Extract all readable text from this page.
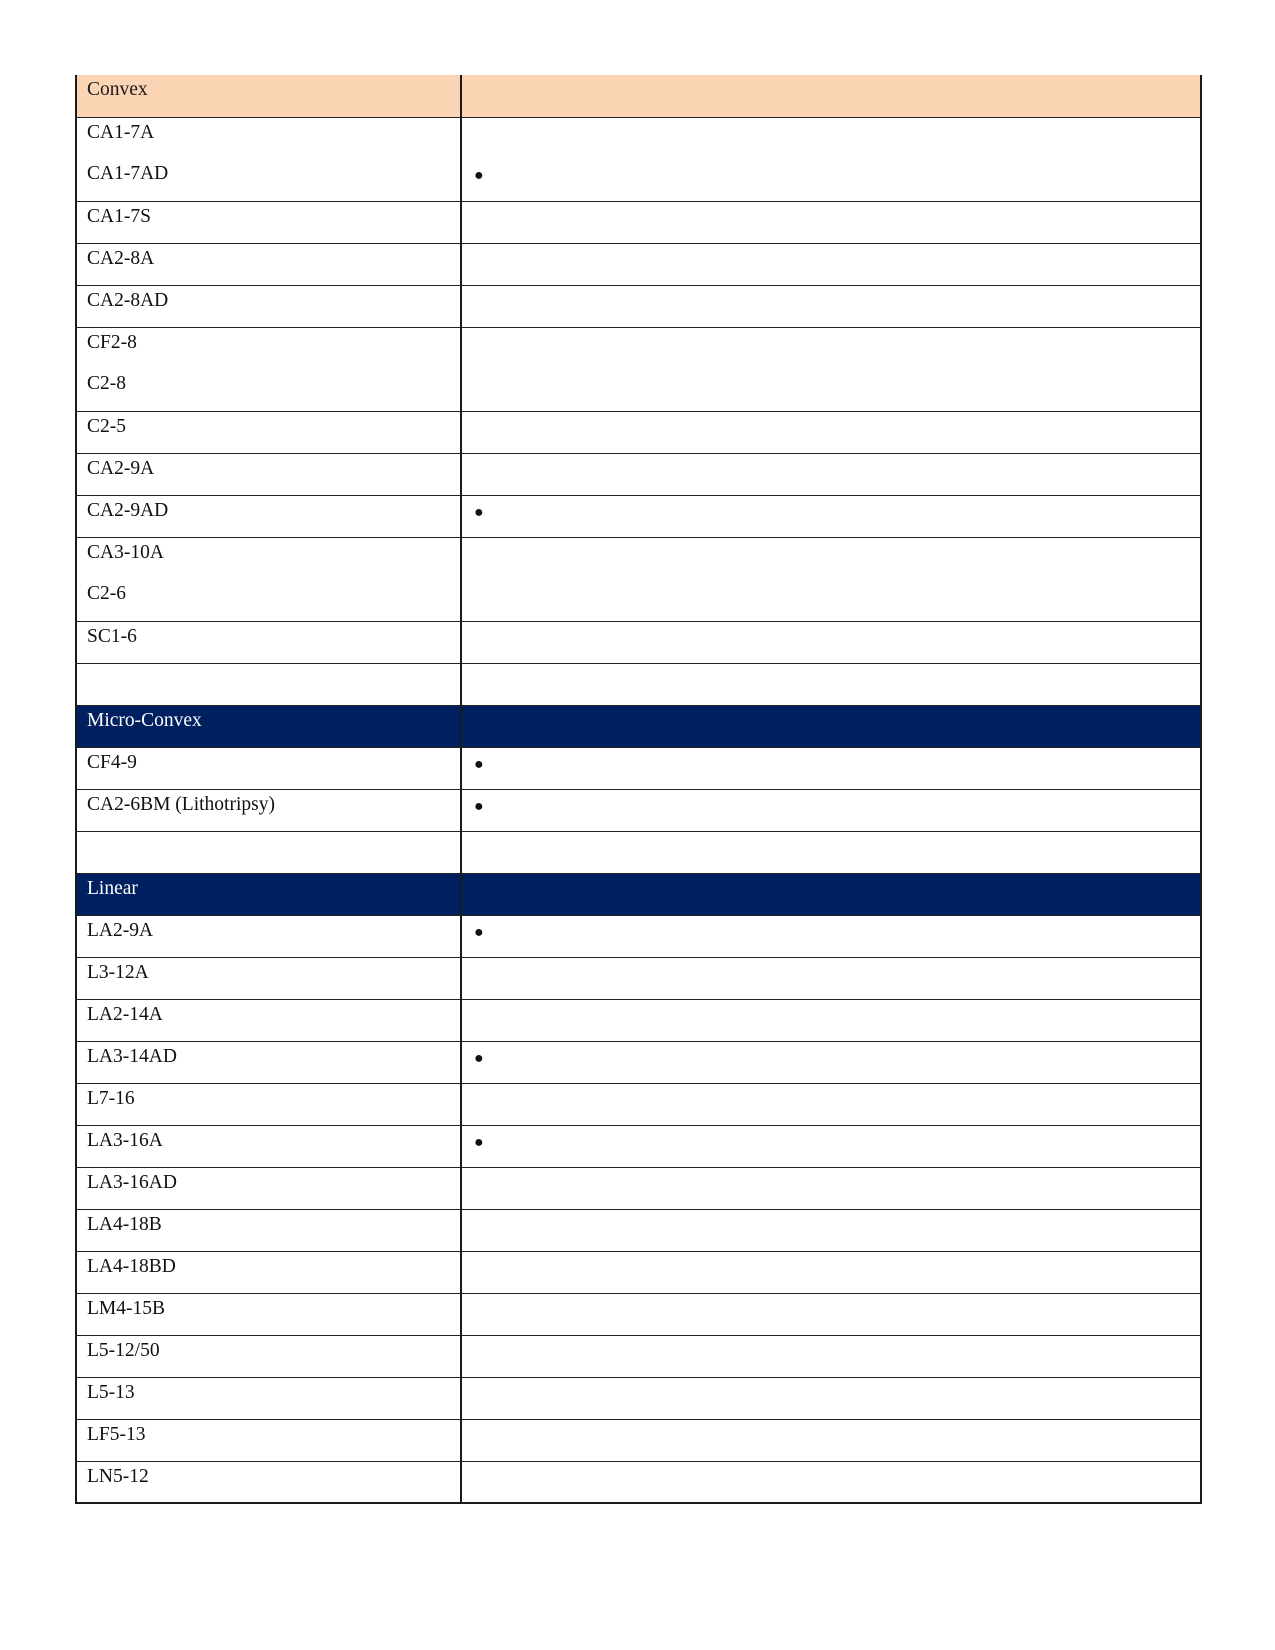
Convex	

CA1-7A	

CA1-7AD	●

CA1-7S	

CA2-8A	

CA2-8AD	

CF2-8	

C2-8	

C2-5	

CA2-9A	

CA2-9AD	●

CA3-10A	

C2-6	

SC1-6	

Micro-Convex	

CF4-9	●

CA2-6BM (Lithotripsy)	●

Linear	

LA2-9A	●

L3-12A	

LA2-14A	

LA3-14AD	●

L7-16	

LA3-16A	●

LA3-16AD	

LA4-18B	

LA4-18BD	

LM4-15B	

L5-12/50	

L5-13	

LF5-13	

LN5-12	
